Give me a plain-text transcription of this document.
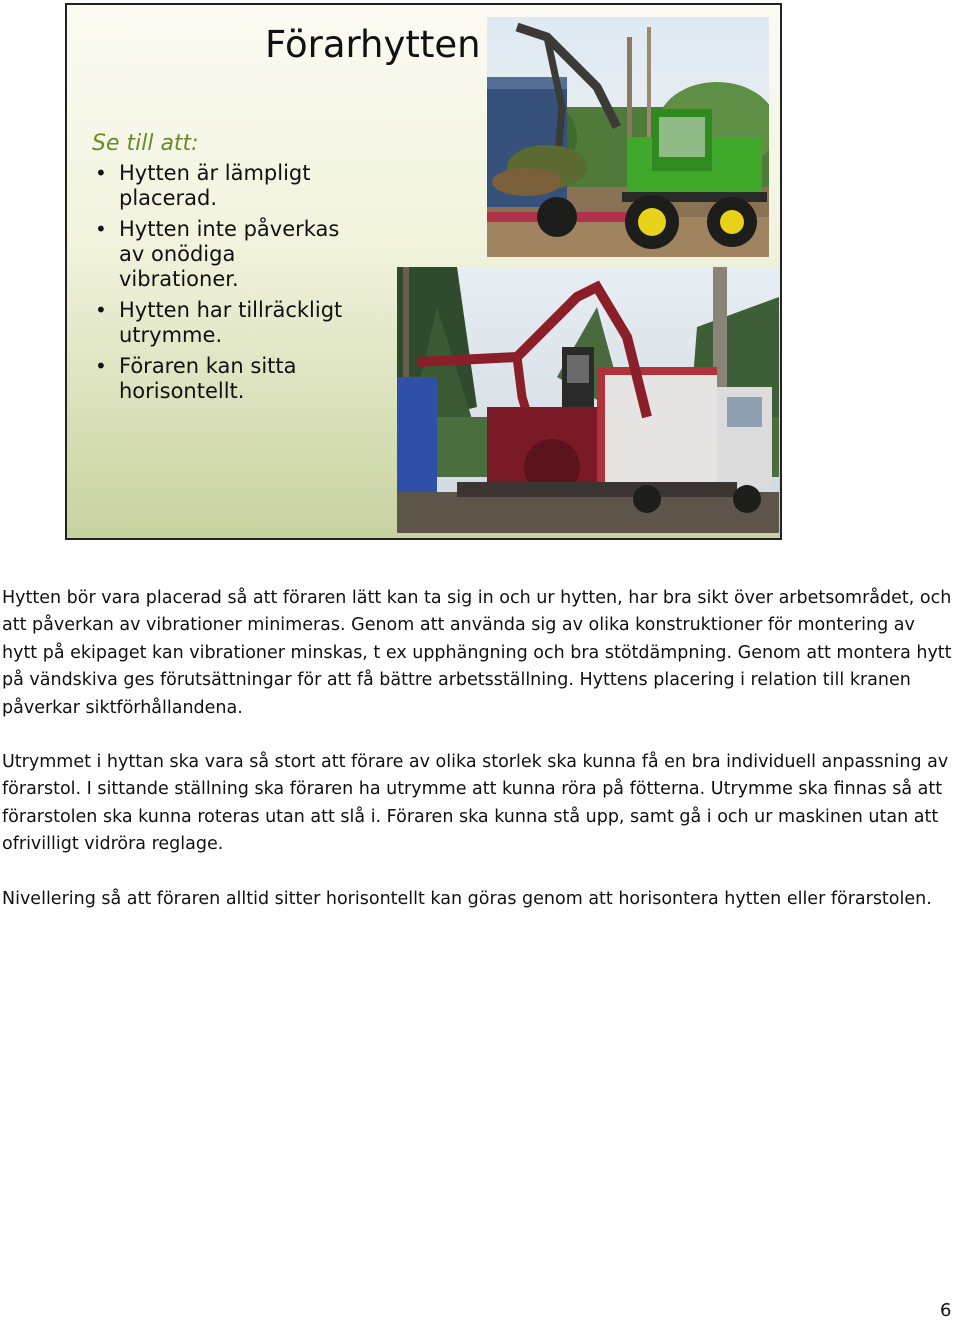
Förarhytten

Se till att:

• Hytten är lämpligt placerad.
• Hytten inte påverkas av onödiga vibrationer.
• Hytten har tillräckligt utrymme.
• Föraren kan sitta horisontellt.

Hytten bör vara placerad så att föraren lätt kan ta sig in och ur hytten, har bra sikt över arbetsområdet, och att påverkan av vibrationer minimeras. Genom att använda sig av olika konstruktioner för montering av hytt på ekipaget kan vibrationer minskas, t ex upphängning och bra stötdämpning. Genom att montera hytt på vändskiva ges förutsättningar för att få bättre arbetsställning. Hyttens placering i relation till kranen påverkar siktförhållandena.

Utrymmet i hyttan ska vara så stort att förare av olika storlek ska kunna få en bra individuell anpassning av förarstol. I sittande ställning ska föraren ha utrymme att kunna röra på fötterna. Utrymme ska finnas så att förarstolen ska kunna roteras utan att slå i. Föraren ska kunna stå upp, samt gå i och ur maskinen utan att ofrivilligt vidröra reglage.

Nivellering så att föraren alltid sitter horisontellt kan göras genom att horisontera hytten eller förarstolen.

6
